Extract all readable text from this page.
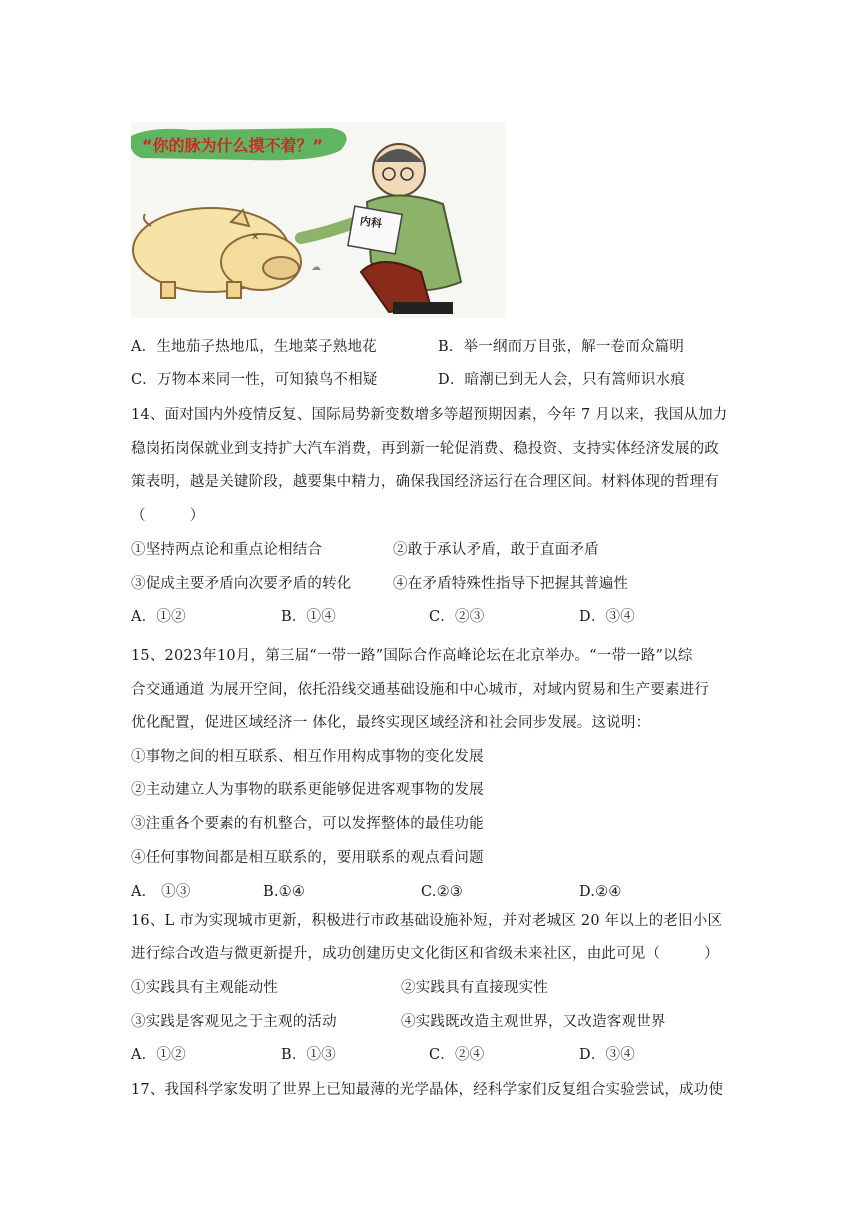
✕
☁
“你的脉为什么摸不着？”
内科
A．生地茄子热地瓜，生地菜子熟地花	B．举一纲而万目张，解一卷而众篇明
C．万物本来同一性，可知猿鸟不相疑	D．暗潮已到无人会，只有篙师识水痕
14、面对国内外疫情反复、国际局势新变数增多等超预期因素，今年 7 月以来，我国从加力
稳岗拓岗保就业到支持扩大汽车消费，再到新一轮促消费、稳投资、支持实体经济发展的政
策表明，越是关键阶段，越要集中精力，确保我国经济运行在合理区间。材料体现的哲理有
（　　　）
①坚持两点论和重点论相结合	②敢于承认矛盾，敢于直面矛盾
③促成主要矛盾向次要矛盾的转化	④在矛盾特殊性指导下把握其普遍性
A．①②	B．①④	C．②③	D．③④
15、2023年10月，第三届“一带一路”国际合作高峰论坛在北京举办。“一带一路”以综
合交通通道 为展开空间，依托沿线交通基础设施和中心城市，对域内贸易和生产要素进行
优化配置，促进区域经济一 体化，最终实现区域经济和社会同步发展。这说明：
①事物之间的相互联系、相互作用构成事物的变化发展
②主动建立人为事物的联系更能够促进客观事物的发展
③注重各个要素的有机整合，可以发挥整体的最佳功能
④任何事物间都是相互联系的，要用联系的观点看问题
A． ①③	B.①④	C.②③	D.②④
16、L 市为实现城市更新，积极进行市政基础设施补短，并对老城区 20 年以上的老旧小区
进行综合改造与微更新提升，成功创建历史文化街区和省级未来社区，由此可见（　　　）
①实践具有主观能动性	②实践具有直接现实性
③实践是客观见之于主观的活动	④实践既改造主观世界，又改造客观世界
A．①②	B．①③	C．②④	D．③④
17、我国科学家发明了世界上已知最薄的光学晶体，经科学家们反复组合实验尝试，成功使
